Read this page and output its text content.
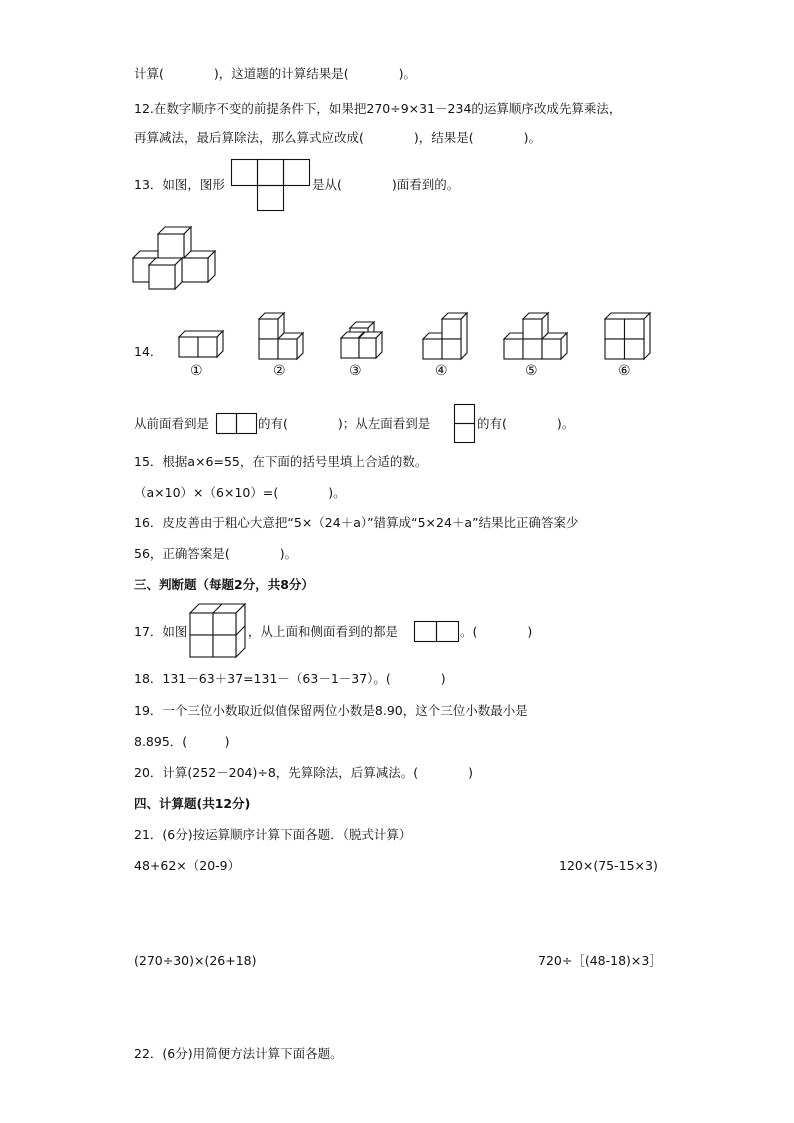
计算(　　　　)，这道题的计算结果是(　　　　)。
12.在数字顺序不变的前提条件下，如果把270÷9×31－234的运算顺序改成先算乘法，
再算减法，最后算除法，那么算式应改成(　　　　)，结果是(　　　　)。
13．如图，图形	是从(　　　　)面看到的。
14．
①	②	③	④	⑤	⑥
从前面看到是	的有(　　　　)；从左面看到是	的有(　　　　)。
15．根据a×6=55，在下面的括号里填上合适的数。
（a×10）×（6×10）=(　　　　)。
16．皮皮善由于粗心大意把“5×（24＋a）”错算成“5×24＋a”结果比正确答案少
56，正确答案是(　　　　)。
三、判断题（每题2分，共8分）
17．如图	，从上面和侧面看到的都是	。(　　　　)
18．131－63＋37=131－（63－1－37）。(　　　　)
19．一个三位小数取近似值保留两位小数是8.90，这个三位小数最小是
8.895．(　　　)
20．计算(252－204)÷8，先算除法，后算减法。(　　　　)
四、计算题(共12分)
21．(6分)按运算顺序计算下面各题．（脱式计算）
48+62×（20-9）	120×(75-15×3)
(270÷30)×(26+18)	720÷［(48-18)×3］
22．(6分)用简便方法计算下面各题。
